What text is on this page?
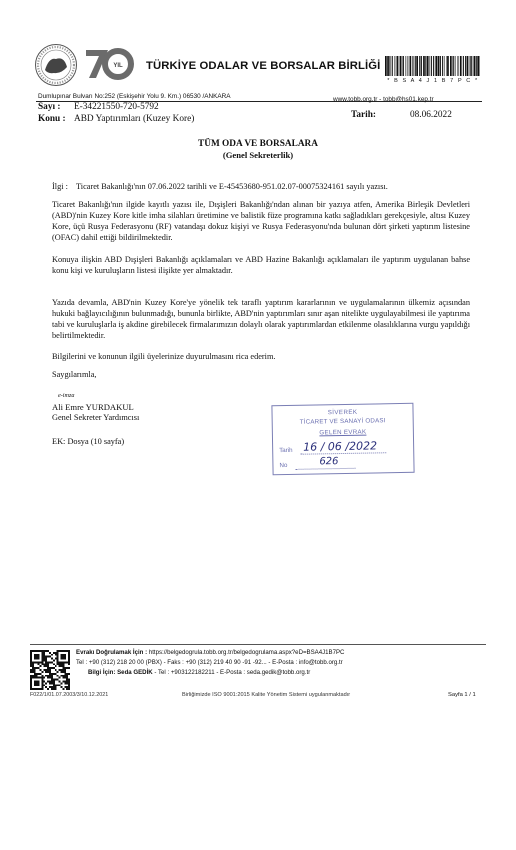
YIL TÜRKİYE ODALAR VE BORSALAR BİRLİĞİ
* B S A 4 J 1 B 7 P C *
Dumlupınar Bulvarı No:252 (Eskişehir Yolu 9. Km.) 06530 /ANKARA	www.tobb.org.tr - tobb@hs01.kep.tr
Sayı : E-34221550-720-5792
Konu : ABD Yaptırımları (Kuzey Kore)	Tarih:	08.06.2022
TÜM ODA VE BORSALARA
(Genel Sekreterlik)
İlgi : Ticaret Bakanlığı'nın 07.06.2022 tarihli ve E-45453680-951.02.07-00075324161 sayılı yazısı.
Ticaret Bakanlığı'nın ilgide kayıtlı yazısı ile, Dışişleri Bakanlığı'ndan alınan bir yazıya atfen, Amerika Birleşik Devletleri (ABD)'nin Kuzey Kore kitle imha silahları üretimine ve balistik füze programına katkı sağladıkları gerekçesiyle, altısı Kuzey Kore, üçü Rusya Federasyonu (RF) vatandaşı dokuz kişiyi ve Rusya Federasyonu'nda bulunan dört şirketi yaptırım listesine (OFAC) dahil ettiği bildirilmektedir.
Konuya ilişkin ABD Dışişleri Bakanlığı açıklamaları ve ABD Hazine Bakanlığı açıklamaları ile yaptırım uygulanan bahse konu kişi ve kuruluşların listesi ilişikte yer almaktadır.
Yazıda devamla, ABD'nin Kuzey Kore'ye yönelik tek taraflı yaptırım kararlarının ve uygulamalarının ülkemiz açısından hukuki bağlayıcılığının bulunmadığı, bununla birlikte, ABD'nin yaptırımları sınır aşan nitelikte uygulayabilmesi ile yaptırıma tabi ve kuruluşlarla iş akdine girebilecek firmalarımızın dolaylı olarak yaptırımlardan etkilenme olasılıklarına vurgu yapıldığı belirtilmektedir.
Bilgilerini ve konunun ilgili üyelerinize duyurulmasını rica ederim.
Saygılarımla,
e-imza
Ali Emre YURDAKUL
Genel Sekreter Yardımcısı
EK: Dosya (10 sayfa)
SİVEREK
TİCARET VE SANAYİ ODASI
GELEN EVRAK
Tarih 16 / 06 /2022
No	626
Evrakı Doğrulamak İçin : https://belgedogrula.tobb.org.tr/belgedogrulama.aspx?eD=BSA4J1B7PC
Tel : +90 (312) 218 20 00 (PBX) - Faks : +90 (312) 219 40 90 -91 -92... - E-Posta : info@tobb.org.tr
Bilgi İçin: Seda GEDİK - Tel : +903122182211 - E-Posta : seda.gedik@tobb.org.tr
F022/1/01.07.2003/3/10.12.2021	Birliğimizde ISO 9001:2015 Kalite Yönetim Sistemi uygulanmaktadır	Sayfa 1 / 1
